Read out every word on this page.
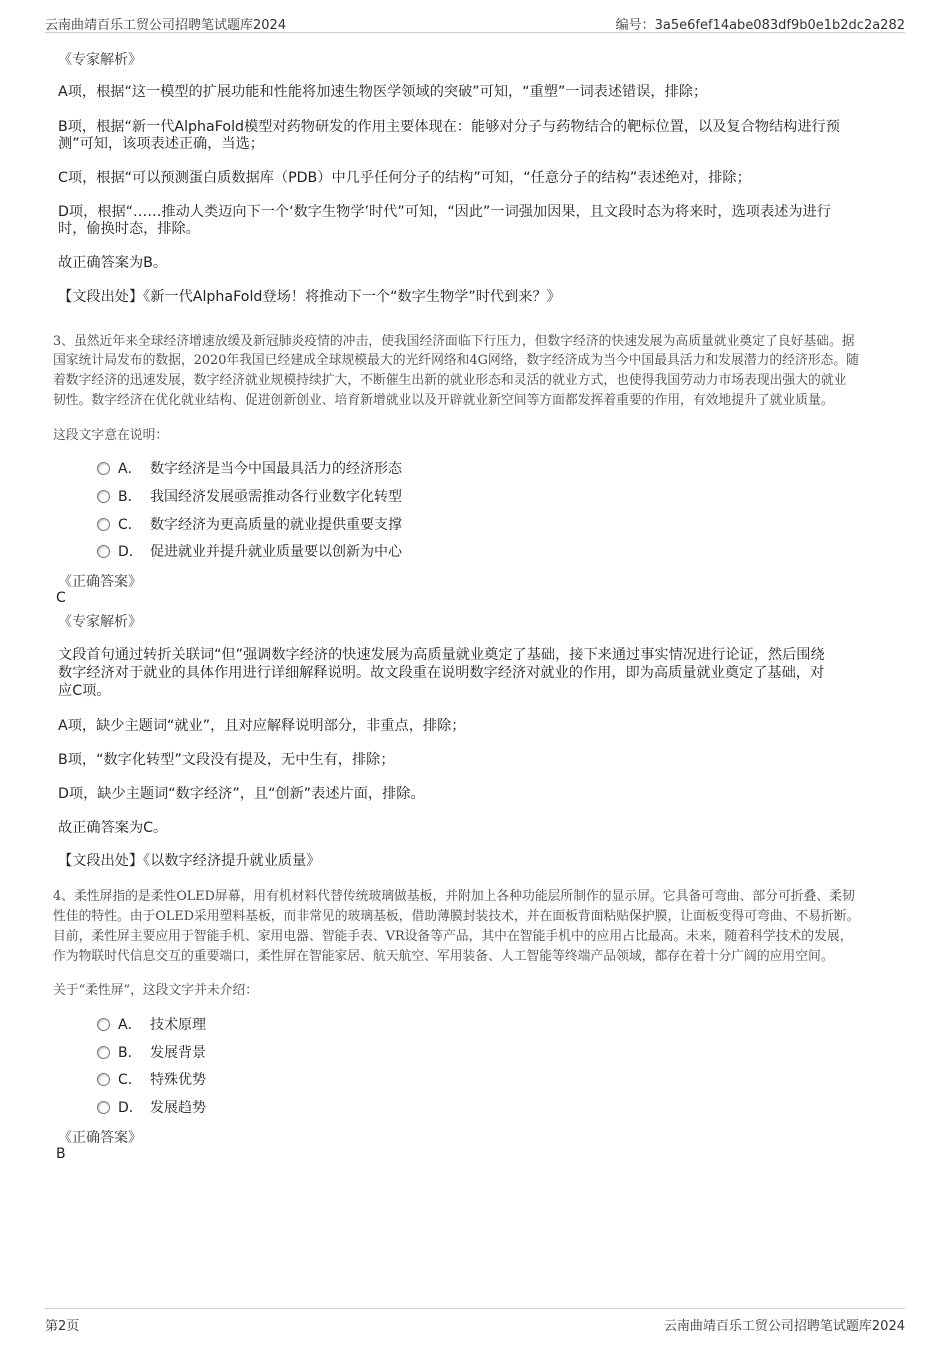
云南曲靖百乐工贸公司招聘笔试题库2024	编号：3a5e6fef14abe083df9b0e1b2dc2a282
《专家解析》
A项，根据“这一模型的扩展功能和性能将加速生物医学领域的突破”可知，“重塑”一词表述错误，排除；
B项，根据“新一代AlphaFold模型对药物研发的作用主要体现在：能够对分子与药物结合的靶标位置，以及复合物结构进行预
测”可知，该项表述正确，当选；
C项，根据“可以预测蛋白质数据库（PDB）中几乎任何分子的结构”可知，“任意分子的结构”表述绝对，排除；
D项，根据“……推动人类迈向下一个‘数字生物学’时代”可知，“因此”一词强加因果，且文段时态为将来时，选项表述为进行
时，偷换时态，排除。
故正确答案为B。
【文段出处】《新一代AlphaFold登场！将推动下一个“数字生物学”时代到来？》
3、虽然近年来全球经济增速放缓及新冠肺炎疫情的冲击，使我国经济面临下行压力，但数字经济的快速发展为高质量就业奠定了良好基础。据
国家统计局发布的数据，2020年我国已经建成全球规模最大的光纤网络和4G网络，数字经济成为当今中国最具活力和发展潜力的经济形态。随
着数字经济的迅速发展，数字经济就业规模持续扩大，不断催生出新的就业形态和灵活的就业方式，也使得我国劳动力市场表现出强大的就业
韧性。数字经济在优化就业结构、促进创新创业、培育新增就业以及开辟就业新空间等方面都发挥着重要的作用，有效地提升了就业质量。
这段文字意在说明：
A． 数字经济是当今中国最具活力的经济形态
B． 我国经济发展亟需推动各行业数字化转型
C． 数字经济为更高质量的就业提供重要支撑
D． 促进就业并提升就业质量要以创新为中心
《正确答案》
C
《专家解析》
文段首句通过转折关联词“但”强调数字经济的快速发展为高质量就业奠定了基础，接下来通过事实情况进行论证，然后围绕
数字经济对于就业的具体作用进行详细解释说明。故文段重在说明数字经济对就业的作用，即为高质量就业奠定了基础，对
应C项。
A项，缺少主题词“就业”，且对应解释说明部分，非重点，排除；
B项，“数字化转型”文段没有提及，无中生有，排除；
D项，缺少主题词“数字经济”，且“创新”表述片面，排除。
故正确答案为C。
【文段出处】《以数字经济提升就业质量》
4、柔性屏指的是柔性OLED屏幕，用有机材料代替传统玻璃做基板，并附加上各种功能层所制作的显示屏。它具备可弯曲、部分可折叠、柔韧
性佳的特性。由于OLED采用塑料基板，而非常见的玻璃基板，借助薄膜封装技术，并在面板背面粘贴保护膜，让面板变得可弯曲、不易折断。
目前，柔性屏主要应用于智能手机、家用电器、智能手表、VR设备等产品，其中在智能手机中的应用占比最高。未来，随着科学技术的发展，
作为物联时代信息交互的重要端口，柔性屏在智能家居、航天航空、军用装备、人工智能等终端产品领域，都存在着十分广阔的应用空间。
关于“柔性屏”，这段文字并未介绍：
A． 技术原理
B． 发展背景
C． 特殊优势
D． 发展趋势
《正确答案》
B
第2页	云南曲靖百乐工贸公司招聘笔试题库2024
